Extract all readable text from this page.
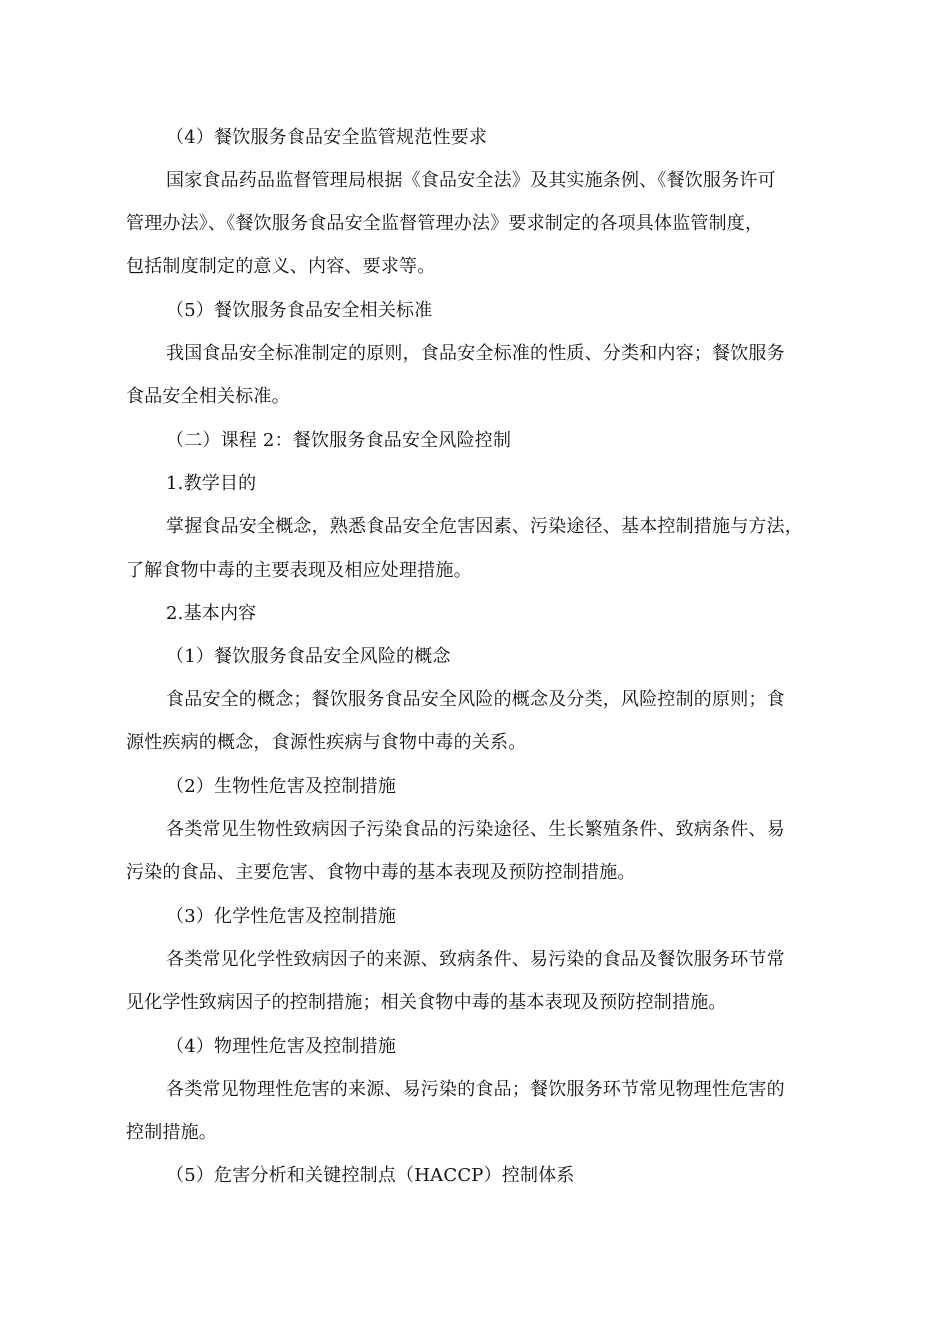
（4）餐饮服务食品安全监管规范性要求
国家食品药品监督管理局根据《食品安全法》及其实施条例、《餐饮服务许可
管理办法》、《餐饮服务食品安全监督管理办法》要求制定的各项具体监管制度，
包括制度制定的意义、内容、要求等。
（5）餐饮服务食品安全相关标准
我国食品安全标准制定的原则，食品安全标准的性质、分类和内容；餐饮服务
食品安全相关标准。
（二）课程 2：餐饮服务食品安全风险控制
1.教学目的
掌握食品安全概念，熟悉食品安全危害因素、污染途径、基本控制措施与方法，
了解食物中毒的主要表现及相应处理措施。
2.基本内容
（1）餐饮服务食品安全风险的概念
食品安全的概念；餐饮服务食品安全风险的概念及分类，风险控制的原则；食
源性疾病的概念，食源性疾病与食物中毒的关系。
（2）生物性危害及控制措施
各类常见生物性致病因子污染食品的污染途径、生长繁殖条件、致病条件、易
污染的食品、主要危害、食物中毒的基本表现及预防控制措施。
（3）化学性危害及控制措施
各类常见化学性致病因子的来源、致病条件、易污染的食品及餐饮服务环节常
见化学性致病因子的控制措施；相关食物中毒的基本表现及预防控制措施。
（4）物理性危害及控制措施
各类常见物理性危害的来源、易污染的食品；餐饮服务环节常见物理性危害的
控制措施。
（5）危害分析和关键控制点（HACCP）控制体系
